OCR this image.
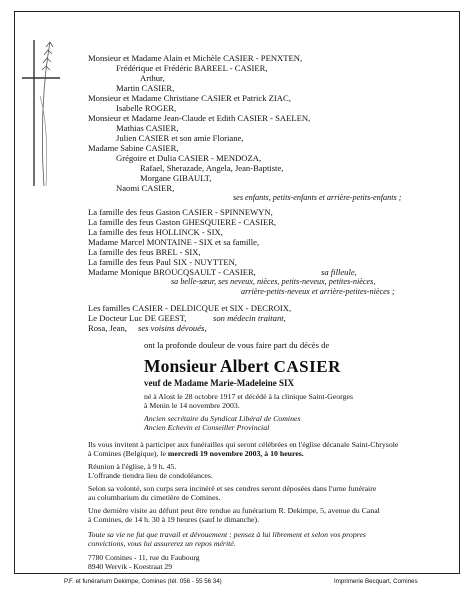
Monsieur et Madame Alain et Michèle CASIER - PENXTEN,
Frédérique et Frédéric BAREEL - CASIER,
Arthur,
Martin CASIER,
Monsieur et Madame Christiane CASIER et Patrick ZIAC,
Isabelle ROGER,
Monsieur et Madame Jean-Claude et Edith CASIER - SAELEN,
Mathias CASIER,
Julien CASIER et son amie Floriane,
Madame Sabine CASIER,
Grégoire et Dulia CASIER - MENDOZA,
Rafael, Sherazade, Angela, Jean-Baptiste,
Morgane GIBAULT,
Naomi CASIER,
ses enfants, petits-enfants et arrière-petits-enfants ;
La famille des feus Gaston CASIER - SPINNEWYN,
La famille des feus Gaston GHESQUIERE - CASIER,
La famille des feus HOLLINCK - SIX,
Madame Marcel MONTAINE - SIX et sa famille,
La famille des feus BREL - SIX,
La famille des feus Paul SIX - NUYTTEN,
Madame Monique BROUCQSAULT - CASIER,	sa filleule,
sa belle-sœur, ses neveux, nièces, petits-neveux, petites-nièces,
arrière-petits-neveux et arrière-petites-nièces ;
Les familles CASIER - DELDICQUE et SIX - DECROIX,
Le Docteur Luc DE GEEST,	son médecin traitant,
Rosa, Jean, ses voisins dévoués,
ont la profonde douleur de vous faire part du décès de
Monsieur Albert CASIER
veuf de Madame Marie-Madeleine SIX
né à Alost le 28 octobre 1917 et décédé à la clinique Saint-Georges
à Menin le 14 novembre 2003.
Ancien secrétaire du Syndicat Libéral de Comines
Ancien Echevin et Conseiller Provincial
Ils vous invitent à participer aux funérailles qui seront célébrées en l'église décanale Saint-Chrysole
à Comines (Belgique), le mercredi 19 novembre 2003, à 10 heures.
Réunion à l'église, à 9 h. 45.
L'offrande tiendra lieu de condoléances.
Selon sa volonté, son corps sera incinéré et ses cendres seront déposées dans l'urne funéraire
au columbarium du cimetière de Comines.
Une dernière visite au défunt peut être rendue au funérarium R. Dekimpe, 5, avenue du Canal
à Comines, de 14 h. 30 à 19 heures (sauf le dimanche).
Toute sa vie ne fut que travail et dévouement : pensez à lui librement et selon vos propres
convictions, vous lui assurerez un repos mérité.
7780 Comines - 11, rue du Faubourg
8940 Wervik - Koestraat 29
P.F. et funérarium Dekimpe, Comines (tél. 056 - 55 56 34)	Imprimerie Becquart, Comines
